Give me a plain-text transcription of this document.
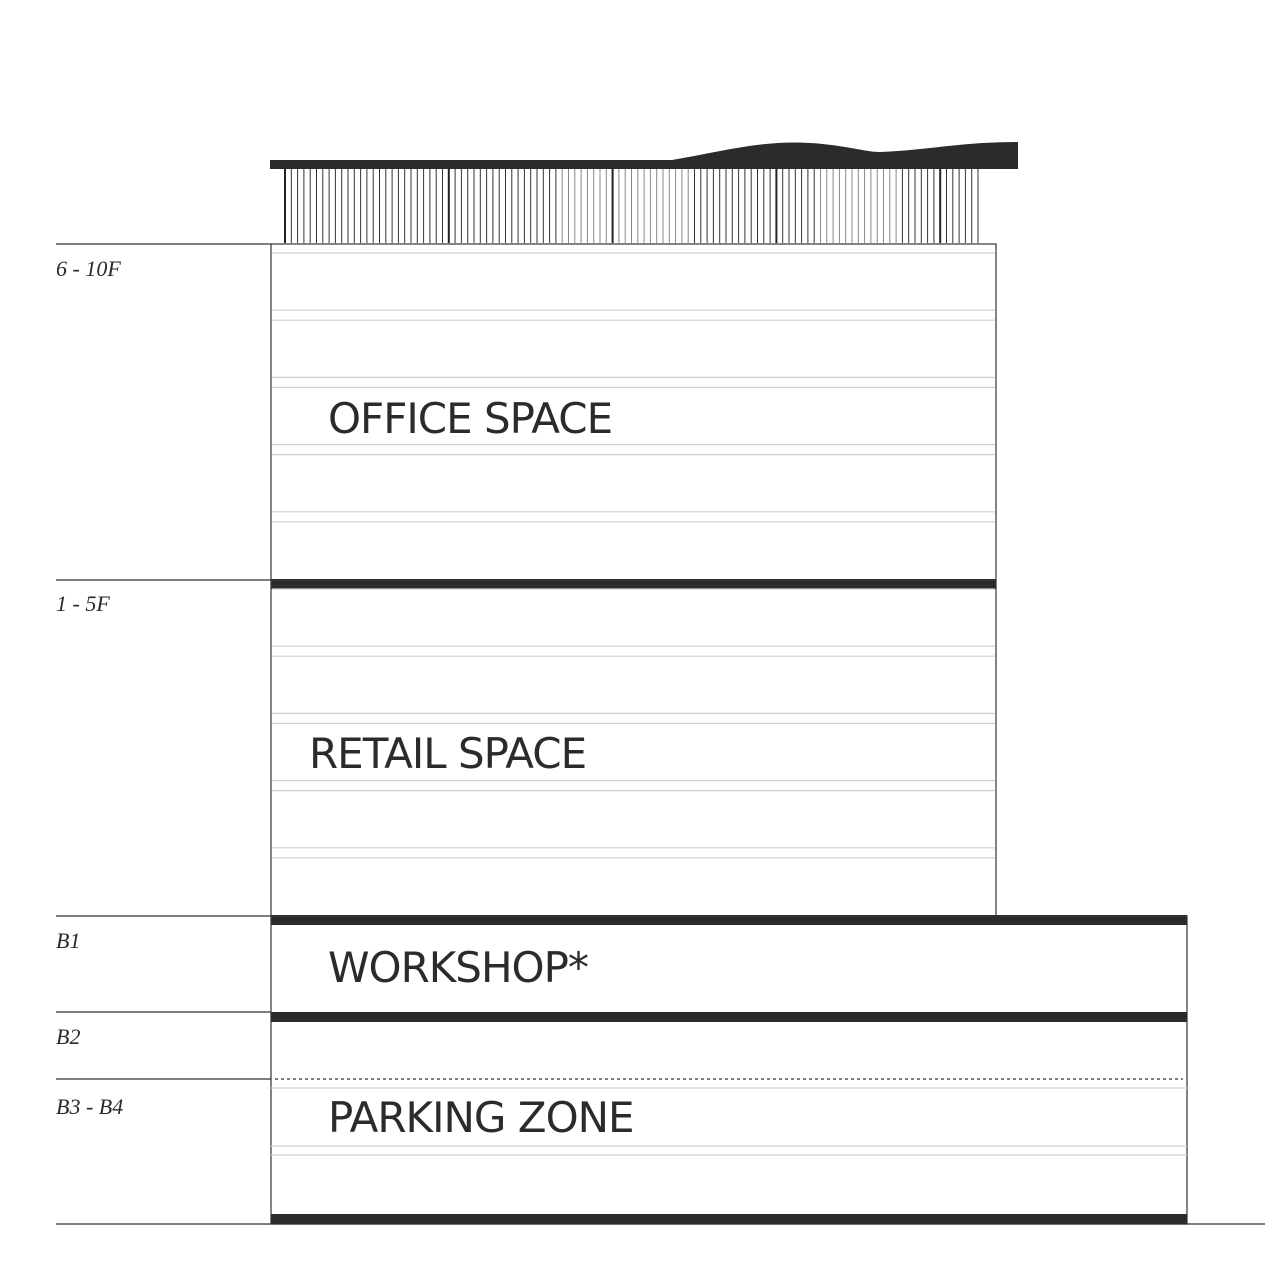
6 - 10F
1 - 5F
B1
B2
B3 - B4
OFFICE SPACE
RETAIL SPACE
WORKSHOP*
PARKING ZONE
